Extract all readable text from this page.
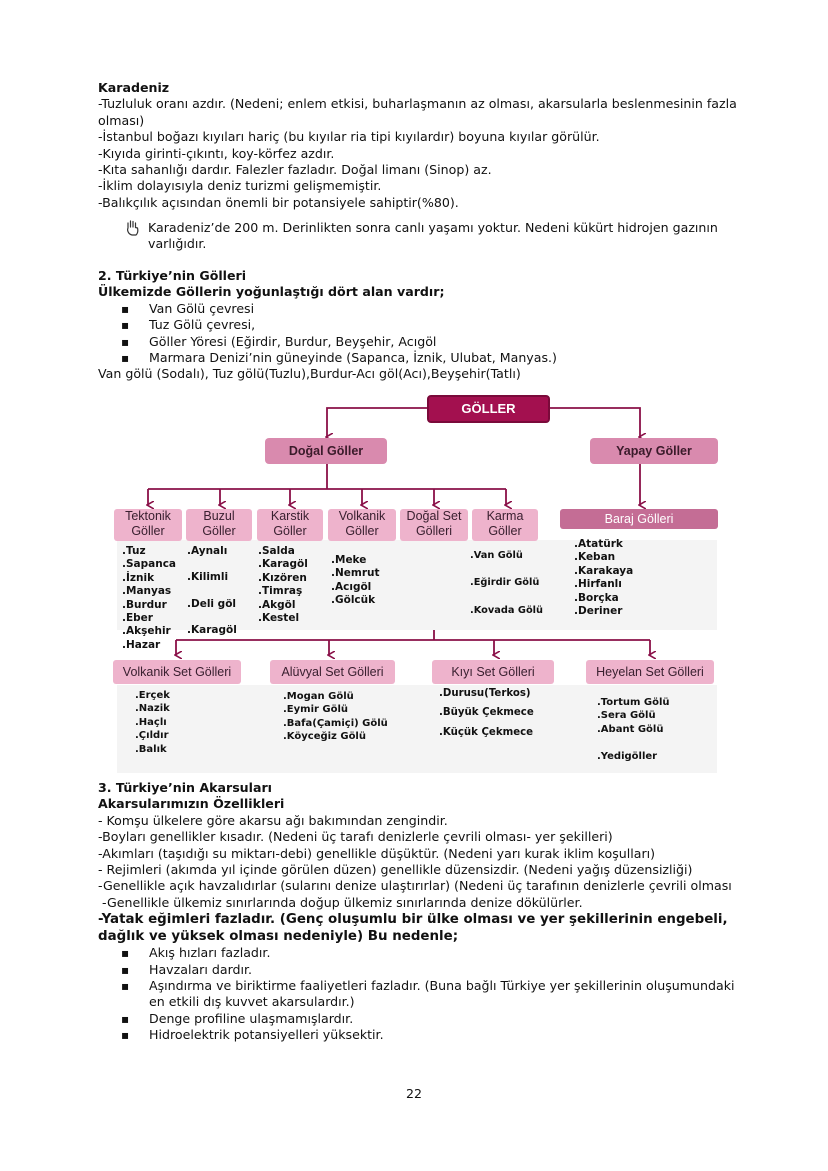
Karadeniz
-Tuzluluk oranı azdır. (Nedeni; enlem etkisi, buharlaşmanın az olması, akarsularla beslenmesinin fazla
olması)
-İstanbul boğazı kıyıları hariç (bu kıyılar ria tipi kıyılardır) boyuna kıyılar görülür.
-Kıyıda girinti-çıkıntı, koy-körfez azdır.
-Kıta sahanlığı dardır. Falezler fazladır. Doğal limanı (Sinop) az.
-İklim dolayısıyla deniz turizmi gelişmemiştir.
-Balıkçılık açısından önemli bir potansiyele sahiptir(%80).
Karadeniz’de 200 m. Derinlikten sonra canlı yaşamı yoktur. Nedeni kükürt hidrojen gazının varlığıdır.
2. Türkiye’nin Gölleri
Ülkemizde Göllerin yoğunlaştığı dört alan vardır;
▪ Van Gölü çevresi
▪ Tuz Gölü çevresi,
▪ Göller Yöresi (Eğirdir, Burdur, Beyşehir, Acıgöl
▪ Marmara Denizi’nin güneyinde (Sapanca, İznik, Ulubat, Manyas.)
Van gölü (Sodalı), Tuz gölü(Tuzlu),Burdur-Acı göl(Acı),Beyşehir(Tatlı)
GÖLLER
Doğal Göller	Yapay Göller
Tektonik
Göller
Buzul
Göller
Karstik
Göller
Volkanik
Göller
Doğal Set
Gölleri
Karma
Göller
Baraj Gölleri
.Tuz
.Sapanca
.İznik
.Manyas
.Burdur
.Eber
.Akşehir
.Hazar
.Aynalı
.Kilimli
.Deli göl
.Karagöl
.Salda
.Karagöl
.Kızören
.Timraş
.Akgöl
.Kestel
.Meke
.Nemrut
.Acıgöl
.Gölcük
.Van Gölü
.Eğirdir Gölü
.Kovada Gölü
.Atatürk
.Keban
.Karakaya
.Hirfanlı
.Borçka
.Deriner
Volkanik Set Gölleri	Alüvyal Set Gölleri	Kıyı Set Gölleri	Heyelan Set Gölleri
.Erçek
.Nazik
.Haçlı
.Çıldır
.Balık
.Mogan Gölü
.Eymir Gölü
.Bafa(Çamiçi) Gölü
.Köyceğiz Gölü
.Durusu(Terkos)
.Büyük Çekmece
.Küçük Çekmece
.Tortum Gölü
.Sera Gölü
.Abant Gölü
.Yedigöller
3. Türkiye’nin Akarsuları
Akarsularımızın Özellikleri
- Komşu ülkelere göre akarsu ağı bakımından zengindir.
-Boyları genellikler kısadır. (Nedeni üç tarafı denizlerle çevrili olması- yer şekilleri)
-Akımları (taşıdığı su miktarı-debi) genellikle düşüktür. (Nedeni yarı kurak iklim koşulları)
- Rejimleri (akımda yıl içinde görülen düzen) genellikle düzensizdir. (Nedeni yağış düzensizliği)
-Genellikle açık havzalıdırlar (sularını denize ulaştırırlar) (Nedeni üç tarafının denizlerle çevrili olması
-Genellikle ülkemiz sınırlarında doğup ülkemiz sınırlarında denize dökülürler.
-Yatak eğimleri fazladır. (Genç oluşumlu bir ülke olması ve yer şekillerinin engebeli, dağlık ve yüksek olması nedeniyle) Bu nedenle;
▪ Akış hızları fazladır.
▪ Havzaları dardır.
▪ Aşındırma ve biriktirme faaliyetleri fazladır. (Buna bağlı Türkiye yer şekillerinin oluşumundaki en etkili dış kuvvet akarsulardır.)
▪ Denge profiline ulaşmamışlardır.
▪ Hidroelektrik potansiyelleri yüksektir.
22
